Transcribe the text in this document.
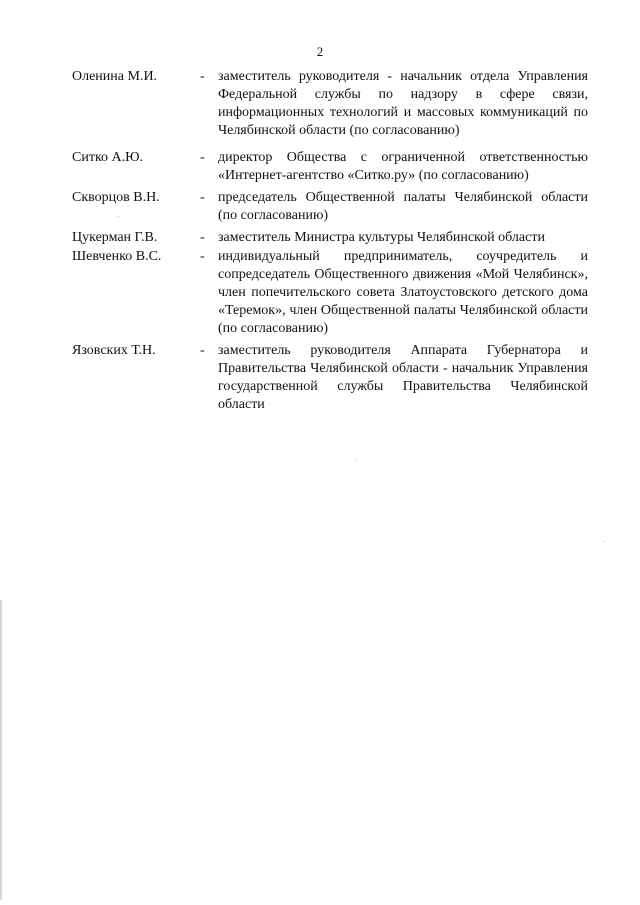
2
Оленина М.И.	- заместитель руководителя - начальник отдела Управления Федеральной службы по надзору в сфере связи, информационных технологий и массовых коммуникаций по Челябинской области (по согласованию)
Ситко А.Ю.	- директор Общества с ограниченной ответственностью «Интернет-агентство «Ситко.ру» (по согласованию)
Скворцов В.Н.	- председатель Общественной палаты Челябинской области (по согласованию)
Цукерман Г.В.	- заместитель Министра культуры Челябинской области
Шевченко В.С.	- индивидуальный предприниматель, соучредитель и сопредседатель Общественного движения «Мой Челябинск», член попечительского совета Златоустовского детского дома «Теремок», член Общественной палаты Челябинской области (по согласованию)
Язовских Т.Н.	- заместитель руководителя Аппарата Губернатора и Правительства Челябинской области - начальник Управления государственной службы Правительства Челябинской области
